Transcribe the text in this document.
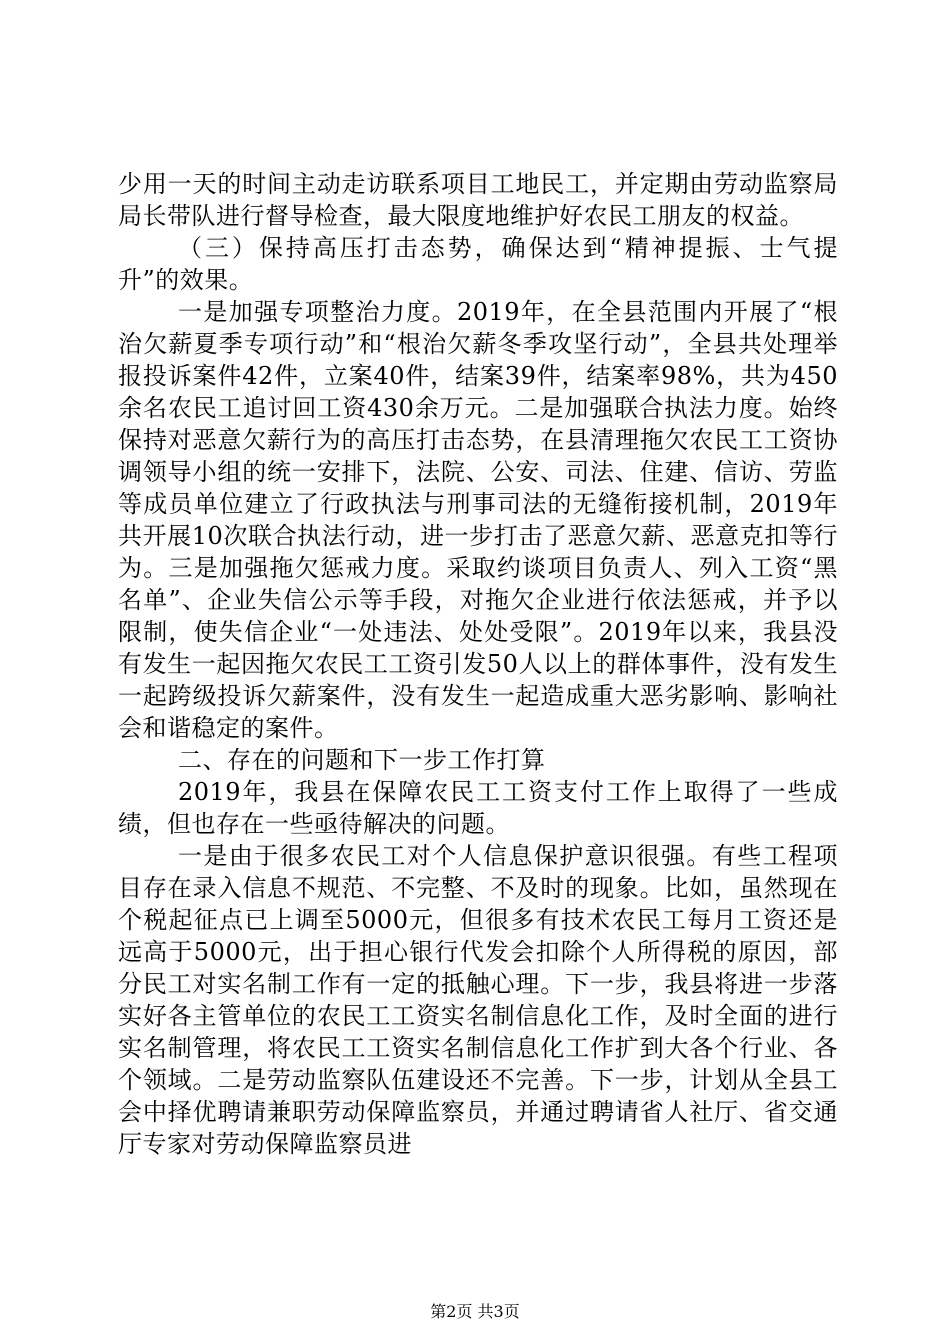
少用一天的时间主动走访联系项目工地民工，并定期由劳动监察局局长带队进行督导检查，最大限度地维护好农民工朋友的权益。

（三）保持高压打击态势，确保达到“精神提振、士气提升”的效果。

一是加强专项整治力度。2019年，在全县范围内开展了“根治欠薪夏季专项行动”和“根治欠薪冬季攻坚行动”，全县共处理举报投诉案件42件，立案40件，结案39件，结案率98%，共为450余名农民工追讨回工资430余万元。二是加强联合执法力度。始终保持对恶意欠薪行为的高压打击态势，在县清理拖欠农民工工资协调领导小组的统一安排下，法院、公安、司法、住建、信访、劳监等成员单位建立了行政执法与刑事司法的无缝衔接机制，2019年共开展10次联合执法行动，进一步打击了恶意欠薪、恶意克扣等行为。三是加强拖欠惩戒力度。采取约谈项目负责人、列入工资“黑名单”、企业失信公示等手段，对拖欠企业进行依法惩戒，并予以限制，使失信企业“一处违法、处处受限”。2019年以来，我县没有发生一起因拖欠农民工工资引发50人以上的群体事件，没有发生一起跨级投诉欠薪案件，没有发生一起造成重大恶劣影响、影响社会和谐稳定的案件。

二、存在的问题和下一步工作打算

2019年，我县在保障农民工工资支付工作上取得了一些成绩，但也存在一些亟待解决的问题。

一是由于很多农民工对个人信息保护意识很强。有些工程项目存在录入信息不规范、不完整、不及时的现象。比如，虽然现在个税起征点已上调至5000元，但很多有技术农民工每月工资还是远高于5000元，出于担心银行代发会扣除个人所得税的原因，部分民工对实名制工作有一定的抵触心理。下一步，我县将进一步落实好各主管单位的农民工工资实名制信息化工作，及时全面的进行实名制管理，将农民工工资实名制信息化工作扩到大各个行业、各个领域。二是劳动监察队伍建设还不完善。下一步，计划从全县工会中择优聘请兼职劳动保障监察员，并通过聘请省人社厅、省交通厅专家对劳动保障监察员进

第2页 共3页
